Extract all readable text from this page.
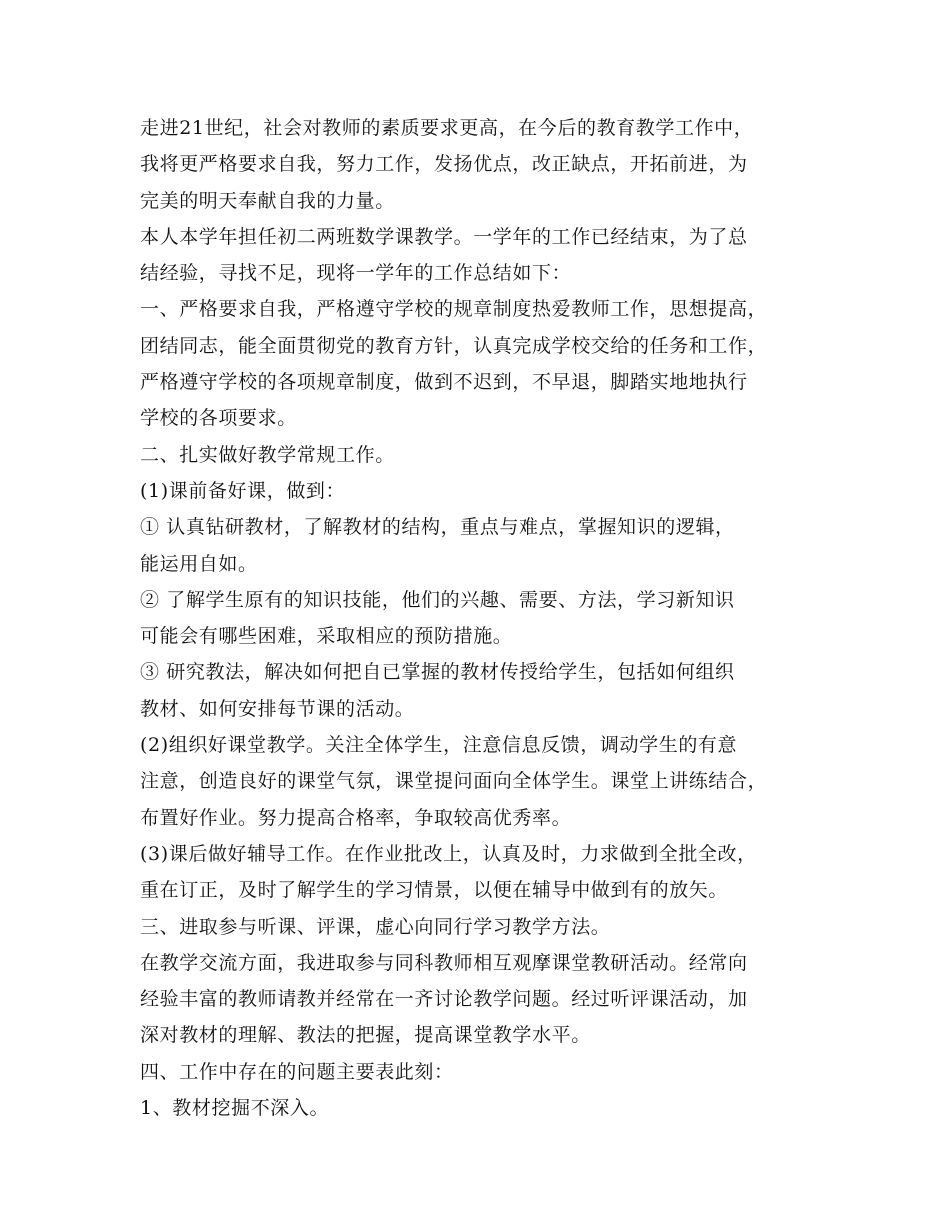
走进21世纪，社会对教师的素质要求更高，在今后的教育教学工作中，
我将更严格要求自我，努力工作，发扬优点，改正缺点，开拓前进，为
完美的明天奉献自我的力量。
本人本学年担任初二两班数学课教学。一学年的工作已经结束，为了总
结经验，寻找不足，现将一学年的工作总结如下：
一、严格要求自我，严格遵守学校的规章制度热爱教师工作，思想提高，
团结同志，能全面贯彻党的教育方针，认真完成学校交给的任务和工作，
严格遵守学校的各项规章制度，做到不迟到，不早退，脚踏实地地执行
学校的各项要求。
二、扎实做好教学常规工作。
(1)课前备好课，做到：
① 认真钻研教材，了解教材的结构，重点与难点，掌握知识的逻辑，
能运用自如。
② 了解学生原有的知识技能，他们的兴趣、需要、方法，学习新知识
可能会有哪些困难，采取相应的预防措施。
③ 研究教法，解决如何把自已掌握的教材传授给学生，包括如何组织
教材、如何安排每节课的活动。
(2)组织好课堂教学。关注全体学生，注意信息反馈，调动学生的有意
注意，创造良好的课堂气氛，课堂提问面向全体学生。课堂上讲练结合，
布置好作业。努力提高合格率，争取较高优秀率。
(3)课后做好辅导工作。在作业批改上，认真及时，力求做到全批全改，
重在订正，及时了解学生的学习情景，以便在辅导中做到有的放矢。
三、进取参与听课、评课，虚心向同行学习教学方法。
在教学交流方面，我进取参与同科教师相互观摩课堂教研活动。经常向
经验丰富的教师请教并经常在一齐讨论教学问题。经过听评课活动，加
深对教材的理解、教法的把握，提高课堂教学水平。
四、工作中存在的问题主要表此刻：
1、教材挖掘不深入。
